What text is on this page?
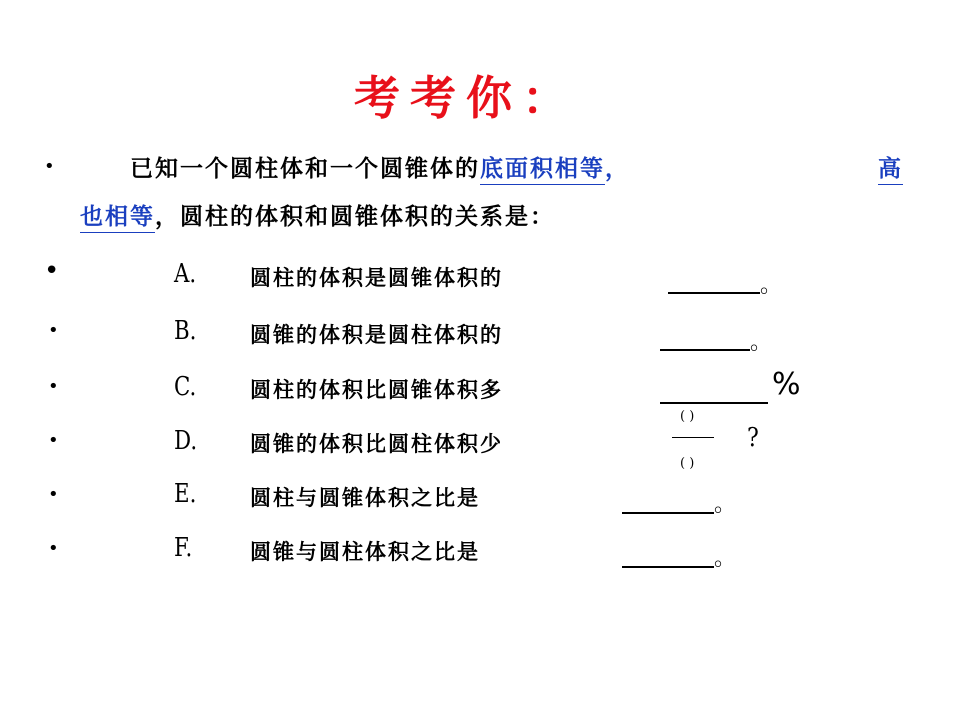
考考你：
•	已知一个圆柱体和一个圆锥体的底面积相等，	高
也相等，圆柱的体积和圆锥体积的关系是：
•	A.	圆柱的体积是圆锥体积的	。
•	B.	圆锥的体积是圆柱体积的	。
•	C.	圆柱的体积比圆锥体积多	%
•	D.	圆锥的体积比圆柱体积少
( )
( )
?
•	E.	圆柱与圆锥体积之比是	。
•	F.	圆锥与圆柱体积之比是	。
